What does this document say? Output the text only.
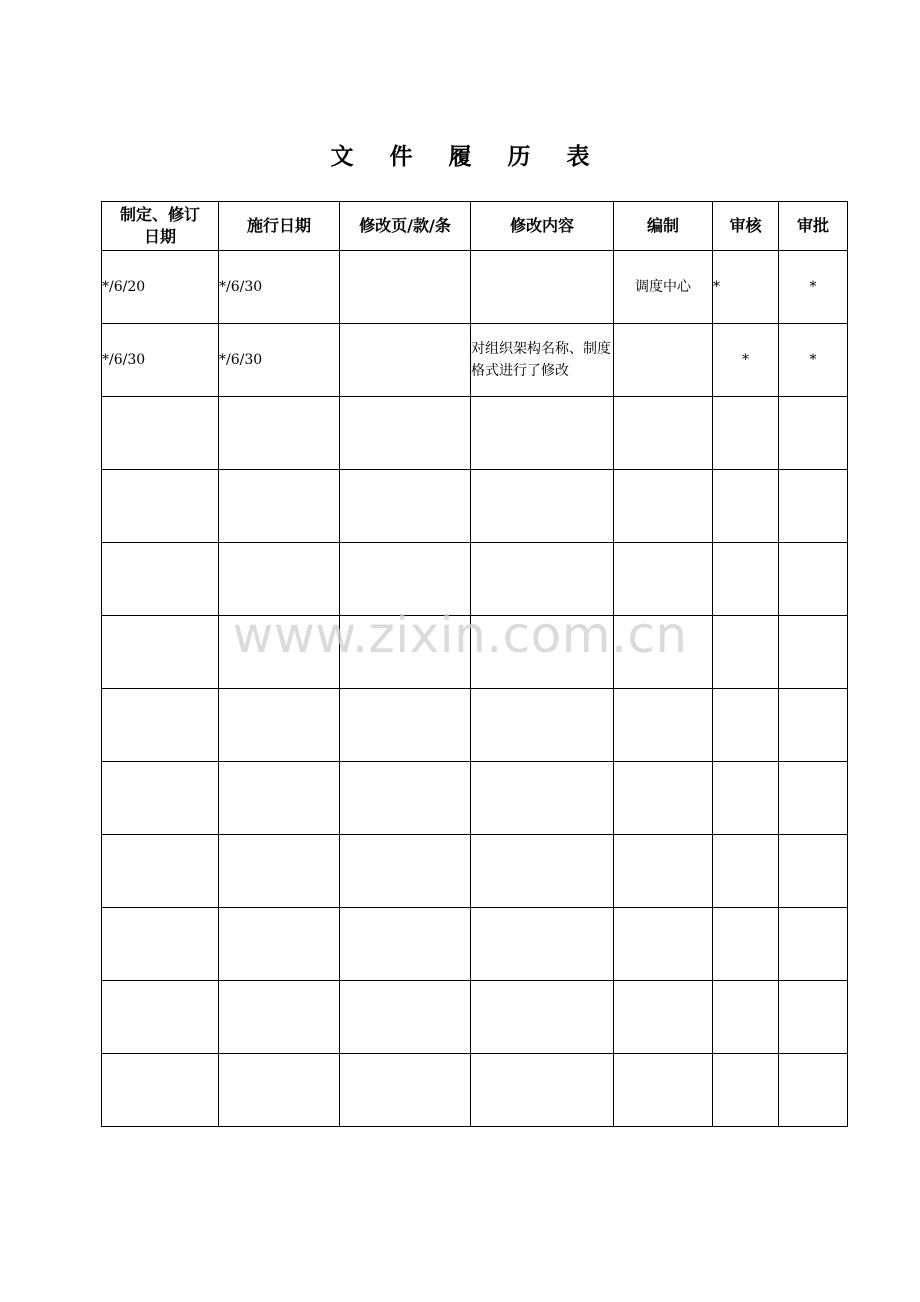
文 件 履 历 表
制定、修订
日期	施行日期	修改页/款/条	修改内容	编制	审核	审批
*/6/20	*/6/30			调度中心	*	*
*/6/30	*/6/30		对组织架构名称、制度格式进行了修改		*	*

www.zixin.com.cn
